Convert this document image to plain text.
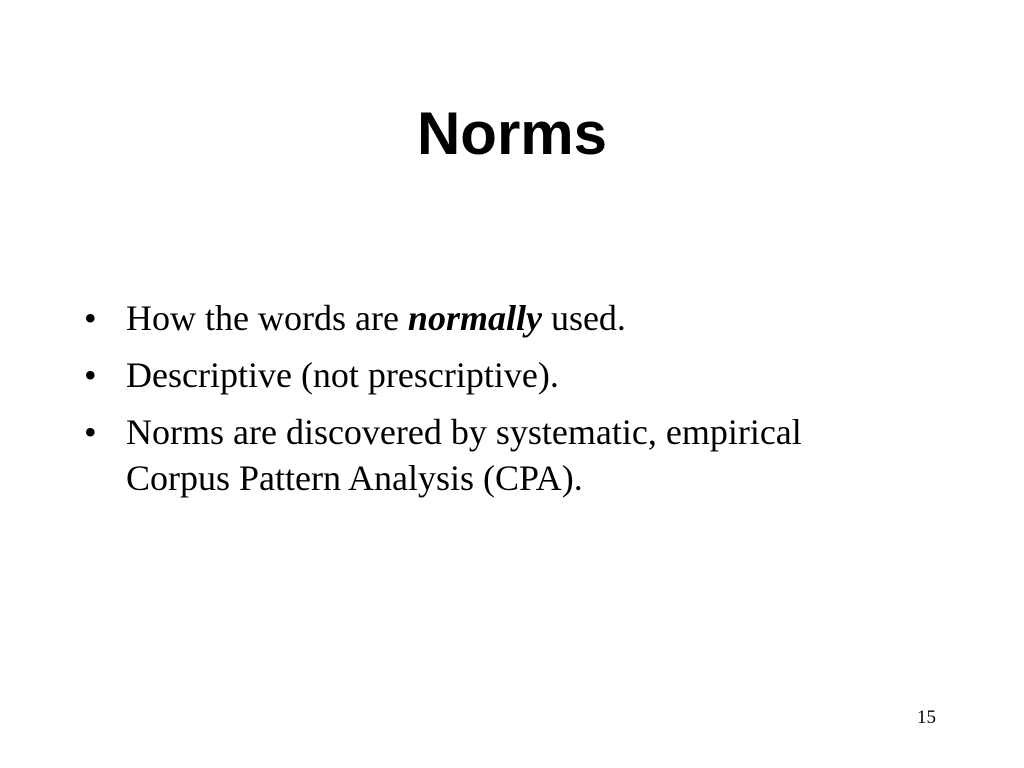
Norms
• How the words are normally used.
• Descriptive (not prescriptive).
• Norms are discovered by systematic, empirical
Corpus Pattern Analysis (CPA).
15
